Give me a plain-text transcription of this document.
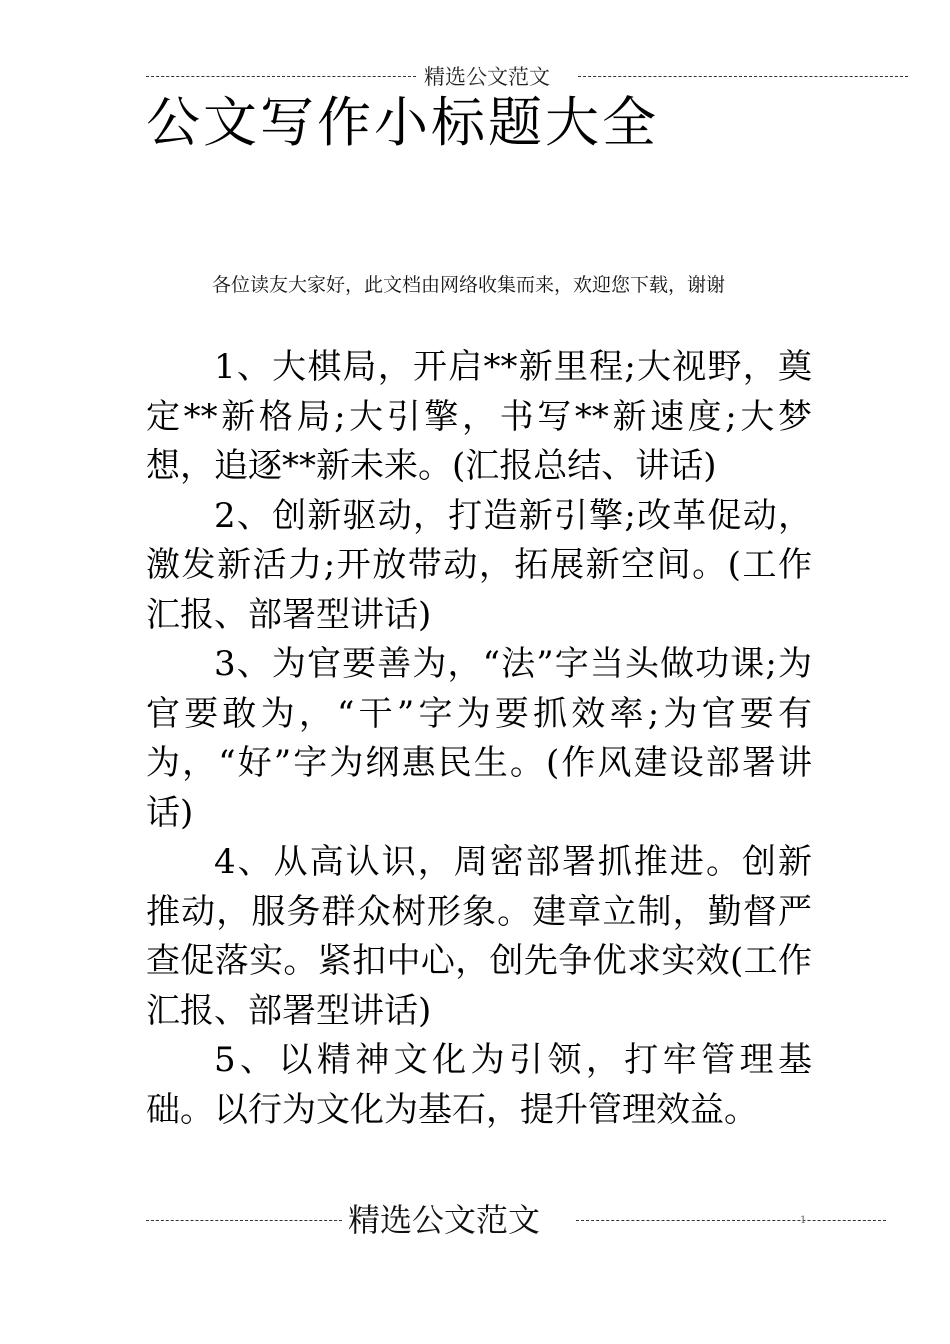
精选公文范文
公文写作小标题大全
各位读友大家好，此文档由网络收集而来，欢迎您下载，谢谢

1、大棋局，开启**新里程;大视野，奠定**新格局;大引擎，书写**新速度;大梦想，追逐**新未来。(汇报总结、讲话)

2、创新驱动，打造新引擎;改革促动，激发新活力;开放带动，拓展新空间。(工作汇报、部署型讲话)

3、为官要善为，“法”字当头做功课;为官要敢为，“干”字为要抓效率;为官要有为，“好”字为纲惠民生。(作风建设部署讲话)

4、从高认识，周密部署抓推进。创新推动，服务群众树形象。建章立制，勤督严查促落实。紧扣中心，创先争优求实效(工作汇报、部署型讲话)

5、以精神文化为引领，打牢管理基础。以行为文化为基石，提升管理效益。

精选公文范文	1
